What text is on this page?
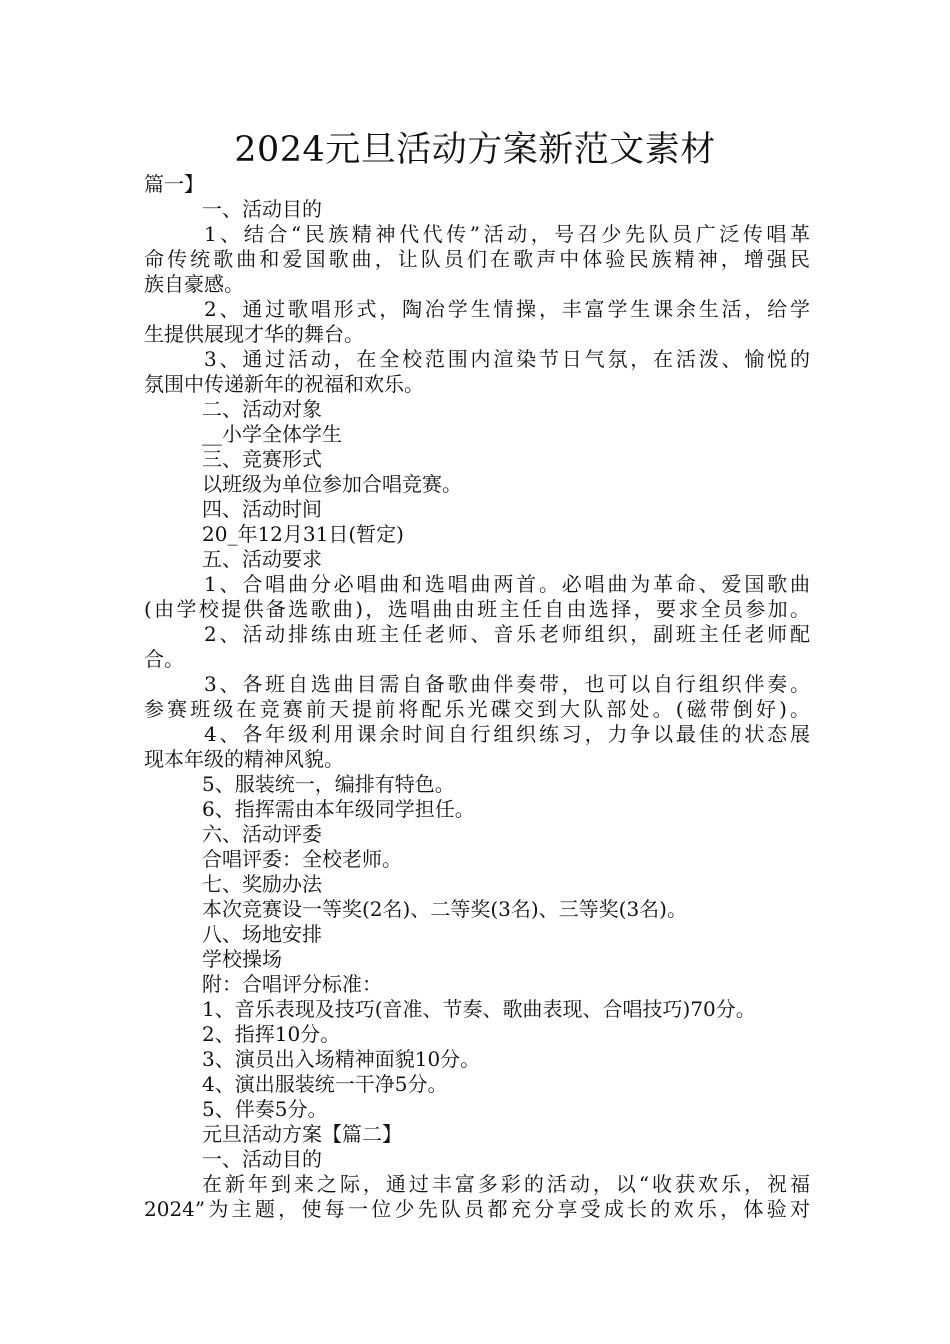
2024元旦活动方案新范文素材
篇一】
一、活动目的
1、结合“民族精神代代传”活动，号召少先队员广泛传唱革
命传统歌曲和爱国歌曲，让队员们在歌声中体验民族精神，增强民
族自豪感。
2、通过歌唱形式，陶冶学生情操，丰富学生课余生活，给学
生提供展现才华的舞台。
3、通过活动，在全校范围内渲染节日气氛，在活泼、愉悦的
氛围中传递新年的祝福和欢乐。
二、活动对象
__小学全体学生
三、竞赛形式
以班级为单位参加合唱竞赛。
四、活动时间
20_年12月31日(暂定)
五、活动要求
1、合唱曲分必唱曲和选唱曲两首。必唱曲为革命、爱国歌曲
(由学校提供备选歌曲)，选唱曲由班主任自由选择，要求全员参加。
2、活动排练由班主任老师、音乐老师组织，副班主任老师配
合。
3、各班自选曲目需自备歌曲伴奏带，也可以自行组织伴奏。
参赛班级在竞赛前天提前将配乐光碟交到大队部处。(磁带倒好)。
4、各年级利用课余时间自行组织练习，力争以最佳的状态展
现本年级的精神风貌。
5、服装统一，编排有特色。
6、指挥需由本年级同学担任。
六、活动评委
合唱评委：全校老师。
七、奖励办法
本次竞赛设一等奖(2名)、二等奖(3名)、三等奖(3名)。
八、场地安排
学校操场
附：合唱评分标准：
1、音乐表现及技巧(音准、节奏、歌曲表现、合唱技巧)70分。
2、指挥10分。
3、演员出入场精神面貌10分。
4、演出服装统一干净5分。
5、伴奏5分。
元旦活动方案【篇二】
一、活动目的
在新年到来之际，通过丰富多彩的活动，以“收获欢乐，祝福
2024”为主题，使每一位少先队员都充分享受成长的欢乐，体验对
